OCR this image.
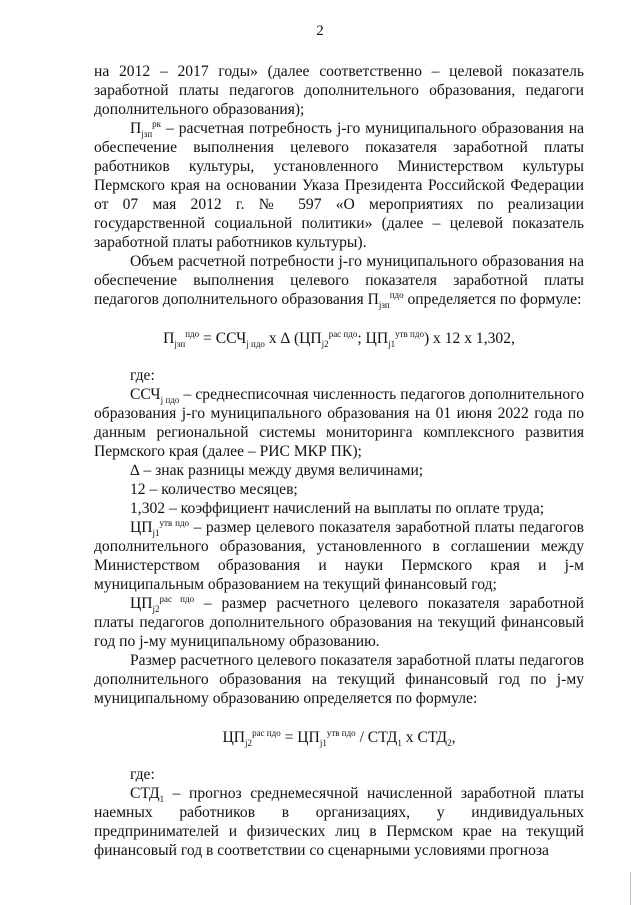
2

на 2012 – 2017 годы» (далее соответственно – целевой показатель заработной платы педагогов дополнительного образования, педагоги дополнительного образования);

$П_{jзп}^{рк}$ – расчетная потребность j-го муниципального образования на обеспечение выполнения целевого показателя заработной платы работников культуры, установленного Министерством культуры Пермского края на основании Указа Президента Российской Федерации от 07 мая 2012 г. № 597 «О мероприятиях по реализации государственной социальной политики» (далее – целевой показатель заработной платы работников культуры).

Объем расчетной потребности j-го муниципального образования на обеспечение выполнения целевого показателя заработной платы педагогов дополнительного образования $П_{jзп}^{пдо}$ определяется по формуле:

$П_{jзп}^{пдо} = ССЧ_{j пдо}$ х ∆ ($ЦП_{j2}^{рас пдо}$; $ЦП_{j1}^{утв пдо}$) х 12 х 1,302,

где:

$ССЧ_{j пдо}$ – среднесписочная численность педагогов дополнительного образования j-го муниципального образования на 01 июня 2022 года по данным региональной системы мониторинга комплексного развития Пермского края (далее – РИС МКР ПК);

∆ – знак разницы между двумя величинами;

12 – количество месяцев;

1,302 – коэффициент начислений на выплаты по оплате труда;

$ЦП_{j1}^{утв пдо}$ – размер целевого показателя заработной платы педагогов дополнительного образования, установленного в соглашении между Министерством образования и науки Пермского края и j-м муниципальным образованием на текущий финансовый год;

$ЦП_{j2}^{рас пдо}$ – размер расчетного целевого показателя заработной платы педагогов дополнительного образования на текущий финансовый год по j-му муниципальному образованию.

Размер расчетного целевого показателя заработной платы педагогов дополнительного образования на текущий финансовый год по j-му муниципальному образованию определяется по формуле:

$ЦП_{j2}^{рас пдо} = ЦП_{j1}^{утв пдо} / СТД_1$ х $СТД_2$,

где:

$СТД_1$ – прогноз среднемесячной начисленной заработной платы наемных работников в организациях, у индивидуальных предпринимателей и физических лиц в Пермском крае на текущий финансовый год в соответствии со сценарными условиями прогноза
